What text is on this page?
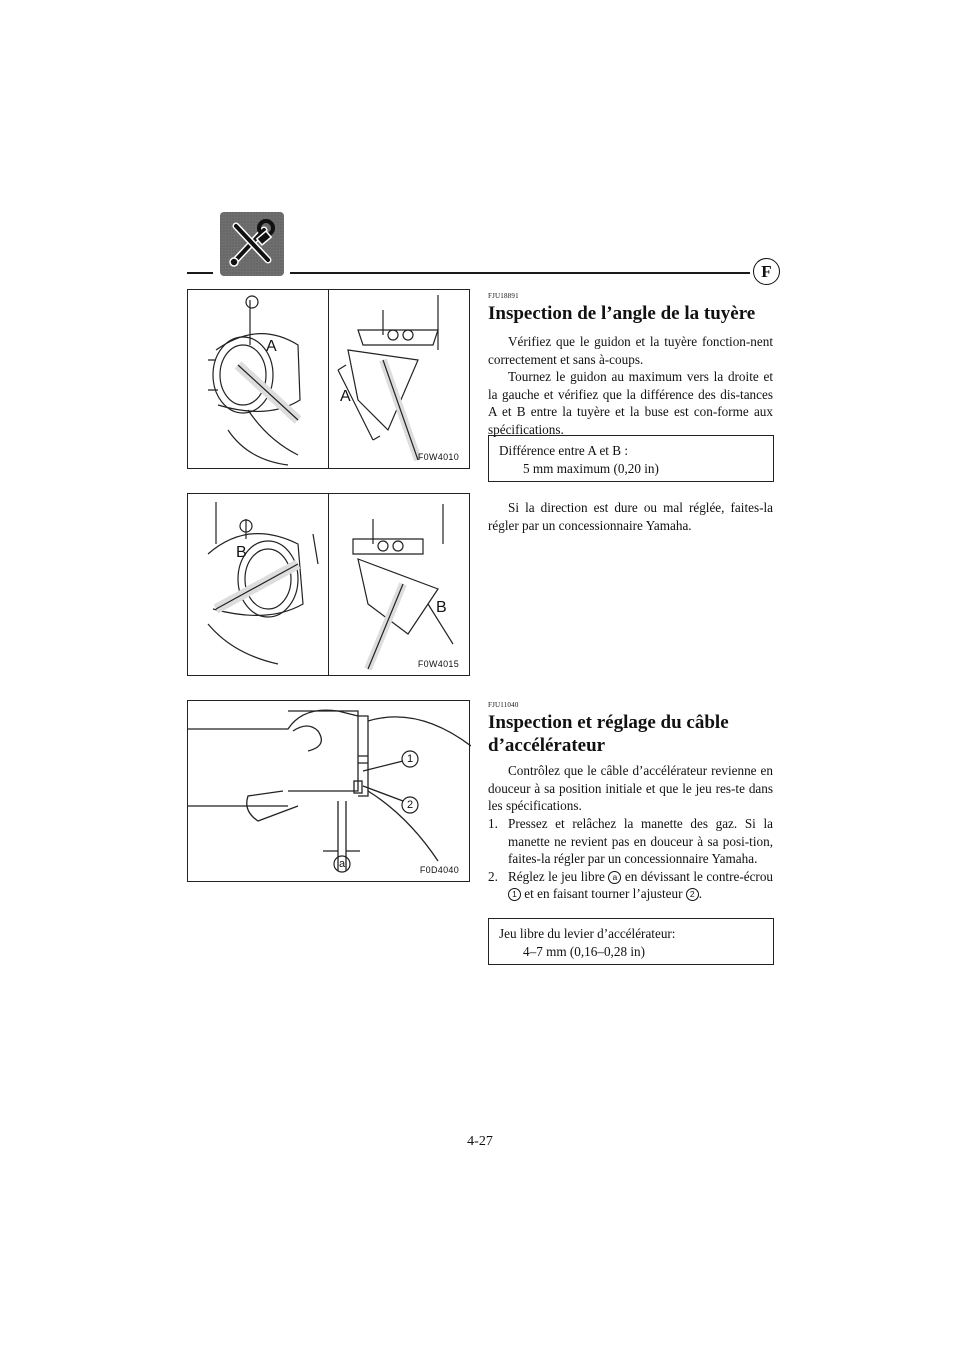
F
F0W4010
A
A
F0W4015
B
B
1
2
a	F0D4040
FJU18891
Inspection de l’angle de la tuyère

Vérifiez que le guidon et la tuyère fonction-nent correctement et sans à-coups.

Tournez le guidon au maximum vers la droite et la gauche et vérifiez que la différence des dis-tances A et B entre la tuyère et la buse est con-forme aux spécifications.

Différence entre A et B :
5 mm maximum (0,20 in)

Si la direction est dure ou mal réglée, faites-la régler par un concessionnaire Yamaha.

FJU11040
Inspection et réglage du câble
d’accélérateur

Contrôlez que le câble d’accélérateur revienne en douceur à sa position initiale et que le jeu res-te dans les spécifications.

1. Pressez et relâchez la manette des gaz. Si la manette ne revient pas en douceur à sa posi-tion, faites-la régler par un concessionnaire Yamaha.
2. Réglez le jeu libre a en dévissant le contre-écrou 1 et en faisant tourner l’ajusteur 2 .
Jeu libre du levier d’accélérateur:
4–7 mm (0,16–0,28 in)
4-27
